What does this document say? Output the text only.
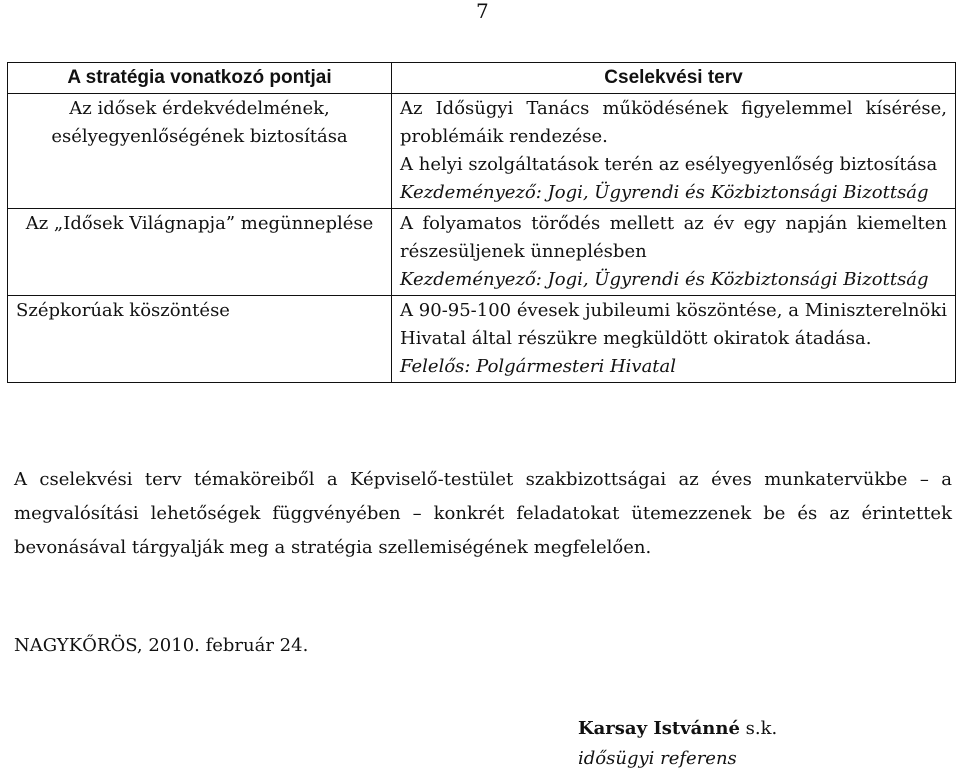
7
A stratégia vonatkozó pontjai	Cselekvési terv
Az idősek érdekvédelmének, esélyegyenlőségének biztosítása	Az Idősügyi Tanács működésének figyelemmel kísérése, problémáik rendezése.
A helyi szolgáltatások terén az esélyegyenlőség biztosítása
Kezdeményező: Jogi, Ügyrendi és Közbiztonsági Bizottság

Az „Idősek Világnapja” megünneplése	A folyamatos törődés mellett az év egy napján kiemelten részesüljenek ünneplésben
Kezdeményező: Jogi, Ügyrendi és Közbiztonsági Bizottság

Szépkorúak köszöntése	A 90-95-100 évesek jubileumi köszöntése, a Miniszterelnöki Hivatal által részükre megküldött okiratok átadása.
Felelős: Polgármesteri Hivatal
A cselekvési terv témaköreiből a Képviselő-testület szakbizottságai az éves munkatervükbe – a megvalósítási lehetőségek függvényében – konkrét feladatokat ütemezzenek be és az érintettek bevonásával tárgyalják meg a stratégia szellemiségének megfelelően.
NAGYKŐRÖS, 2010. február 24.
Karsay Istvánné s.k.
idősügyi referens
